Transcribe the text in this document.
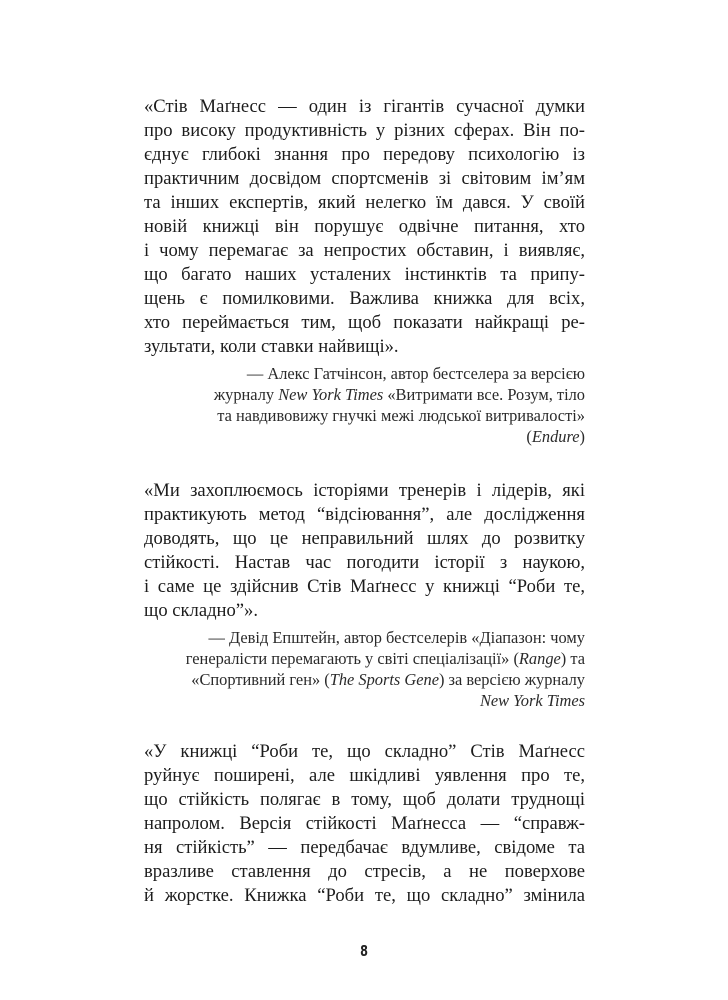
«Стів Маґнесс — один із гігантів сучасної думки
про високу продуктивність у різних сферах. Він по-
єднує глибокі знання про передову психологію із
практичним досвідом спортсменів зі світовим ім’ям
та інших експертів, який нелегко їм дався. У своїй
новій книжці він порушує одвічне питання, хто
і чому перемагає за непростих обставин, і виявляє,
що багато наших усталених інстинктів та припу-
щень є помилковими. Важлива книжка для всіх,
хто переймається тим, щоб показати найкращі ре-
зультати, коли ставки найвищі».
— Алекс Гатчінсон, автор бестселера за версією
журналу New York Times «Витримати все. Розум, тіло
та навдивовижу гнучкі межі людської витривалості»
(Endure)
«Ми захоплюємось історіями тренерів і лідерів, які
практикують метод “відсіювання”, але дослідження
доводять, що це неправильний шлях до розвитку
стійкості. Настав час погодити історії з наукою,
і саме це здійснив Стів Маґнесс у книжці “Роби те,
що складно”».
— Девід Епштейн, автор бестселерів «Діапазон: чому
генералісти перемагають у світі спеціалізації» (Range) та
«Спортивний ген» (The Sports Gene) за версією журналу
New York Times
«У книжці “Роби те, що складно” Стів Маґнесс
руйнує поширені, але шкідливі уявлення про те,
що стійкість полягає в тому, щоб долати труднощі
напролом. Версія стійкості Маґнесса — “справж-
ня стійкість” — передбачає вдумливе, свідоме та
вразливе ставлення до стресів, а не поверхове
й жорстке. Книжка “Роби те, що складно” змінила
8
